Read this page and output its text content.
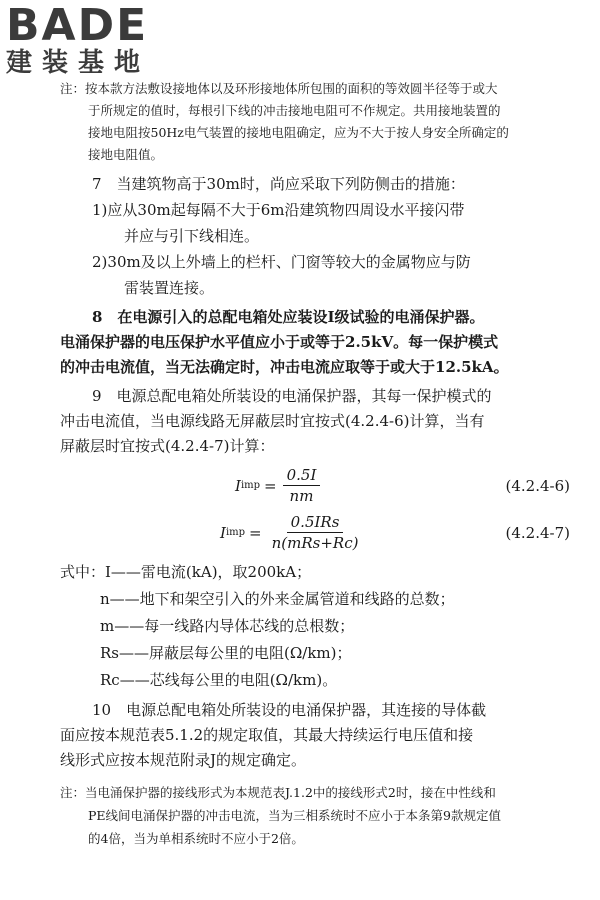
BADE
建装基地

注：按本款方法敷设接地体以及环形接地体所包围的面积的等效圆半径等于或大
于所规定的值时，每根引下线的冲击接地电阻可不作规定。共用接地装置的
接地电阻按50Hz电气装置的接地电阻确定，应为不大于按人身安全所确定的
接地电阻值。

7　当建筑物高于30m时，尚应采取下列防侧击的措施：

1)应从30m起每隔不大于6m沿建筑物四周设水平接闪带
并应与引下线相连。

2)30m及以上外墙上的栏杆、门窗等较大的金属物应与防
雷装置连接。

8　在电源引入的总配电箱处应装设Ⅰ级试验的电涌保护器。

电涌保护器的电压保护水平值应小于或等于2.5kV。每一保护模式

的冲击电流值，当无法确定时，冲击电流应取等于或大于12.5kA。

9　电源总配电箱处所装设的电涌保护器，其每一保护模式的

冲击电流值，当电源线路无屏蔽层时宜按式(4.2.4-6)计算，当有

屏蔽层时宜按式(4.2.4-7)计算：

I imp = $\frac{0.5I}{nm}$	(4.2.4-6)
I imp = $\frac{\text{0.5IRs}}{\text{n(mRs+Rc)}}$	(4.2.4-7)

式中：I——雷电流(kA)，取200kA；

n——地下和架空引入的外来金属管道和线路的总数；

m——每一线路内导体芯线的总根数；

Rs——屏蔽层每公里的电阻(Ω/km)；

Rc——芯线每公里的电阻(Ω/km)。

10　电源总配电箱处所装设的电涌保护器，其连接的导体截

面应按本规范表5.1.2的规定取值，其最大持续运行电压值和接

线形式应按本规范附录J的规定确定。

注：当电涌保护器的接线形式为本规范表J.1.2中的接线形式2时，接在中性线和
PE线间电涌保护器的冲击电流，当为三相系统时不应小于本条第9款规定值
的4倍，当为单相系统时不应小于2倍。
